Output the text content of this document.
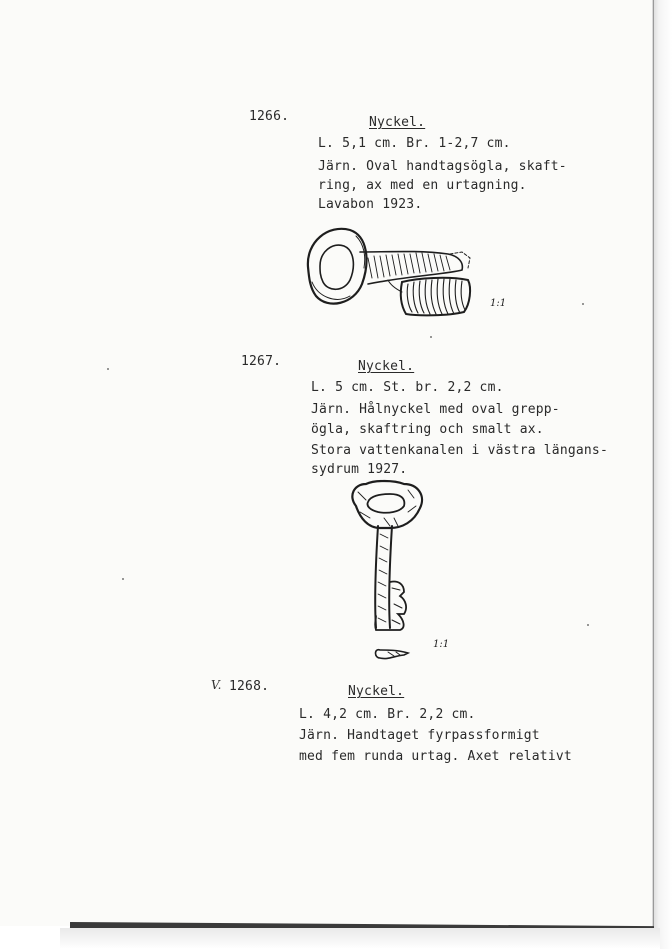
1266.	Nyckel.
L. 5,1 cm. Br. 1-2,7 cm.
Järn. Oval handtagsögla, skaft-
ring, ax med en urtagning.
Lavabon 1923.
1:1
1267.	Nyckel.
L. 5 cm. St. br. 2,2 cm.
Järn. Hålnyckel med oval grepp-
ögla, skaftring och smalt ax.
Stora vattenkanalen i västra längans-
sydrum 1927.
1:1
V. 1268.	Nyckel.
L. 4,2 cm. Br. 2,2 cm.
Järn. Handtaget fyrpassformigt
med fem runda urtag. Axet relativt
